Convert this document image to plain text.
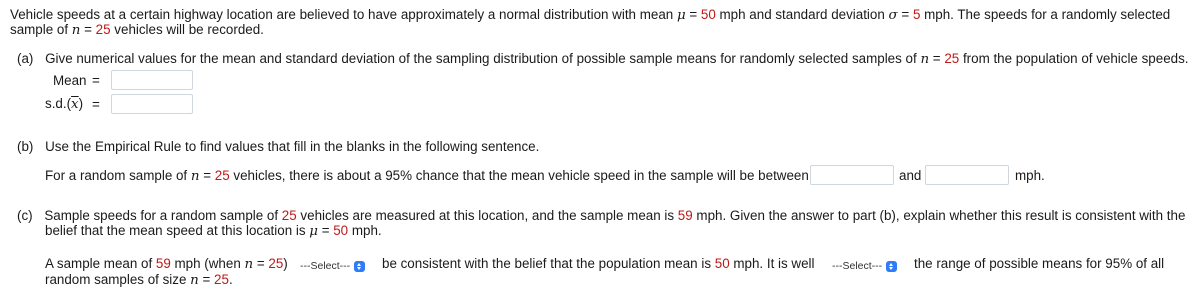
Vehicle speeds at a certain highway location are believed to have approximately a normal distribution with mean μ = 50 mph and standard deviation σ = 5 mph. The speeds for a randomly selected
sample of n = 25 vehicles will be recorded.
(a) Give numerical values for the mean and standard deviation of the sampling distribution of possible sample means for randomly selected samples of n = 25 from the population of vehicle speeds.
Mean =
$s.d.(\overline{x})$ =
(b) Use the Empirical Rule to find values that fill in the blanks in the following sentence.
For a random sample of n = 25 vehicles, there is about a 95% chance that the mean vehicle speed in the sample will be between	and	mph.
(c) Sample speeds for a random sample of 25 vehicles are measured at this location, and the sample mean is 59 mph. Given the answer to part (b), explain whether this result is consistent with the
belief that the mean speed at this location is μ = 50 mph.
A sample mean of 59 mph (when n = 25) ---Select--- be consistent with the belief that the population mean is 50 mph. It is well ---Select--- the range of possible means for 95% of all
random samples of size n = 25.
